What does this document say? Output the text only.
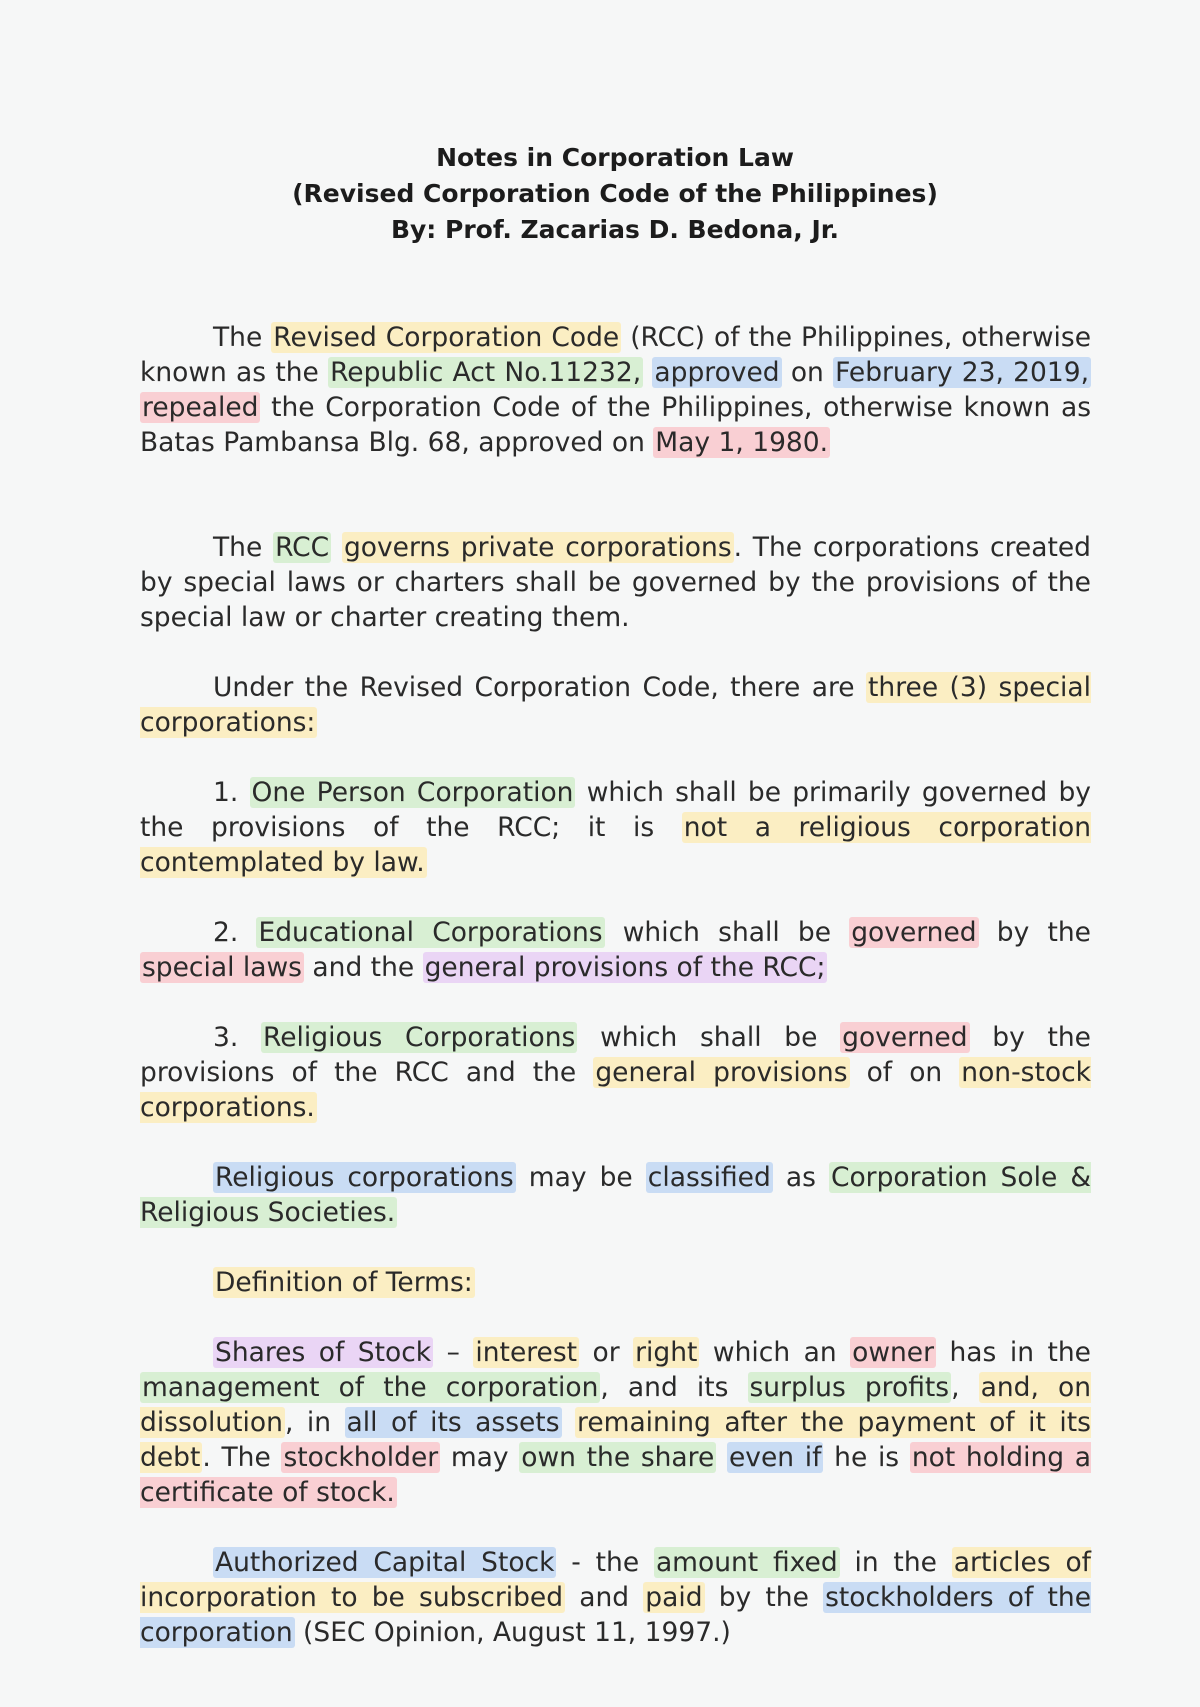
Notes in Corporation Law
(Revised Corporation Code of the Philippines)
By: Prof. Zacarias D. Bedona, Jr.
The Revised Corporation Code (RCC) of the Philippines, otherwise known as the Republic Act No.11232, approved on February 23, 2019, repealed the Corporation Code of the Philippines, otherwise known as Batas Pambansa Blg. 68, approved on May 1, 1980.
The RCC governs private corporations. The corporations created by special laws or charters shall be governed by the provisions of the special law or charter creating them.
Under the Revised Corporation Code, there are three (3) special corporations:
1. One Person Corporation which shall be primarily governed by the provisions of the RCC; it is not a religious corporation contemplated by law.
2. Educational Corporations which shall be governed by the special laws and the general provisions of the RCC;
3. Religious Corporations which shall be governed by the provisions of the RCC and the general provisions of on non-stock corporations.
Religious corporations may be classified as Corporation Sole & Religious Societies.
Definition of Terms:
Shares of Stock – interest or right which an owner has in the management of the corporation, and its surplus profits, and, on dissolution, in all of its assets remaining after the payment of it its debt. The stockholder may own the share even if he is not holding a certificate of stock.
Authorized Capital Stock - the amount fixed in the articles of incorporation to be subscribed and paid by the stockholders of the corporation (SEC Opinion, August 11, 1997.)
